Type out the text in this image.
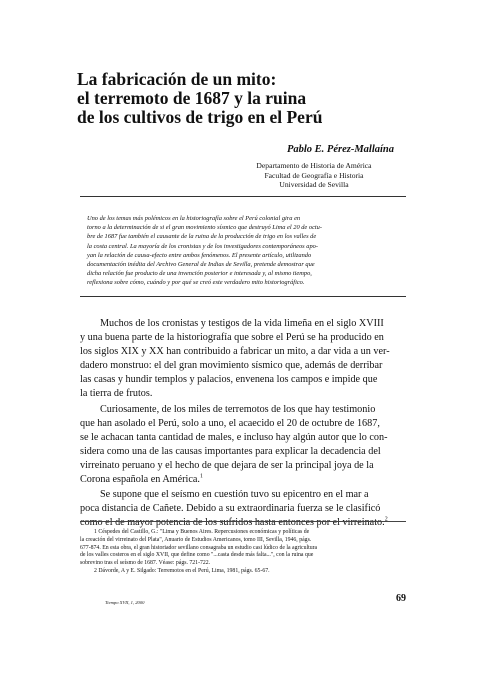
La fabricación de un mito:
el terremoto de 1687 y la ruina
de los cultivos de trigo en el Perú
Pablo E. Pérez-Mallaína
Departamento de Historia de América
Facultad de Geografía e Historia
Universidad de Sevilla
Uno de los temas más polémicos en la historiografía sobre el Perú colonial gira en
torno a la determinación de si el gran movimiento sísmico que destruyó Lima el 20 de octu-
bre de 1687 fue también el causante de la ruina de la producción de trigo en los valles de
la costa central. La mayoría de los cronistas y de los investigadores contemporáneos apo-
yan la relación de causa-efecto entre ambos fenómenos. El presente artículo, utilizando
documentación inédita del Archivo General de Indias de Sevilla, pretende demostrar que
dicha relación fue producto de una invención posterior e interesada y, al mismo tiempo,
reflexiona sobre cómo, cuándo y por qué se creó este verdadero mito historiográfico.

Muchos de los cronistas y testigos de la vida limeña en el siglo XVIII
y una buena parte de la historiografía que sobre el Perú se ha producido en
los siglos XIX y XX han contribuido a fabricar un mito, a dar vida a un ver-
dadero monstruo: el del gran movimiento sísmico que, además de derribar
las casas y hundir templos y palacios, envenena los campos e impide que
la tierra de frutos.

Curiosamente, de los miles de terremotos de los que hay testimonio
que han asolado el Perú, solo a uno, el acaecido el 20 de octubre de 1687,
se le achacan tanta cantidad de males, e incluso hay algún autor que lo con-
sidera como una de las causas importantes para explicar la decadencia del
virreinato peruano y el hecho de que dejara de ser la principal joya de la
Corona española en América.$^1$

Se supone que el seísmo en cuestión tuvo su epicentro en el mar a
poca distancia de Cañete. Debido a su extraordinaria fuerza se le clasificó
como el de mayor potencia de los sufridos hasta entonces por el virreinato.$^2$

1 Céspedes del Castillo, G.: "Lima y Buenos Aires. Repercusiones económicas y políticas de
la creación del virreinato del Plata", Anuario de Estudios Americanos, tomo III, Sevilla, 1946, págs.
677-874. En esta obra, el gran historiador sevillano consagraba un estudio casi lúdico de la agricultura
de los valles costeros en el siglo XVII, que define como "...casta desde más falta...", con la ruina que
sobrevino tras el seísmo de 1687. Véase: págs. 721-722.
2 Dávorde, A y E. Silgado: Terremotos en el Perú, Lima, 1981, págs. 65-67.
Tiempo XVII, 1, 2000	69
